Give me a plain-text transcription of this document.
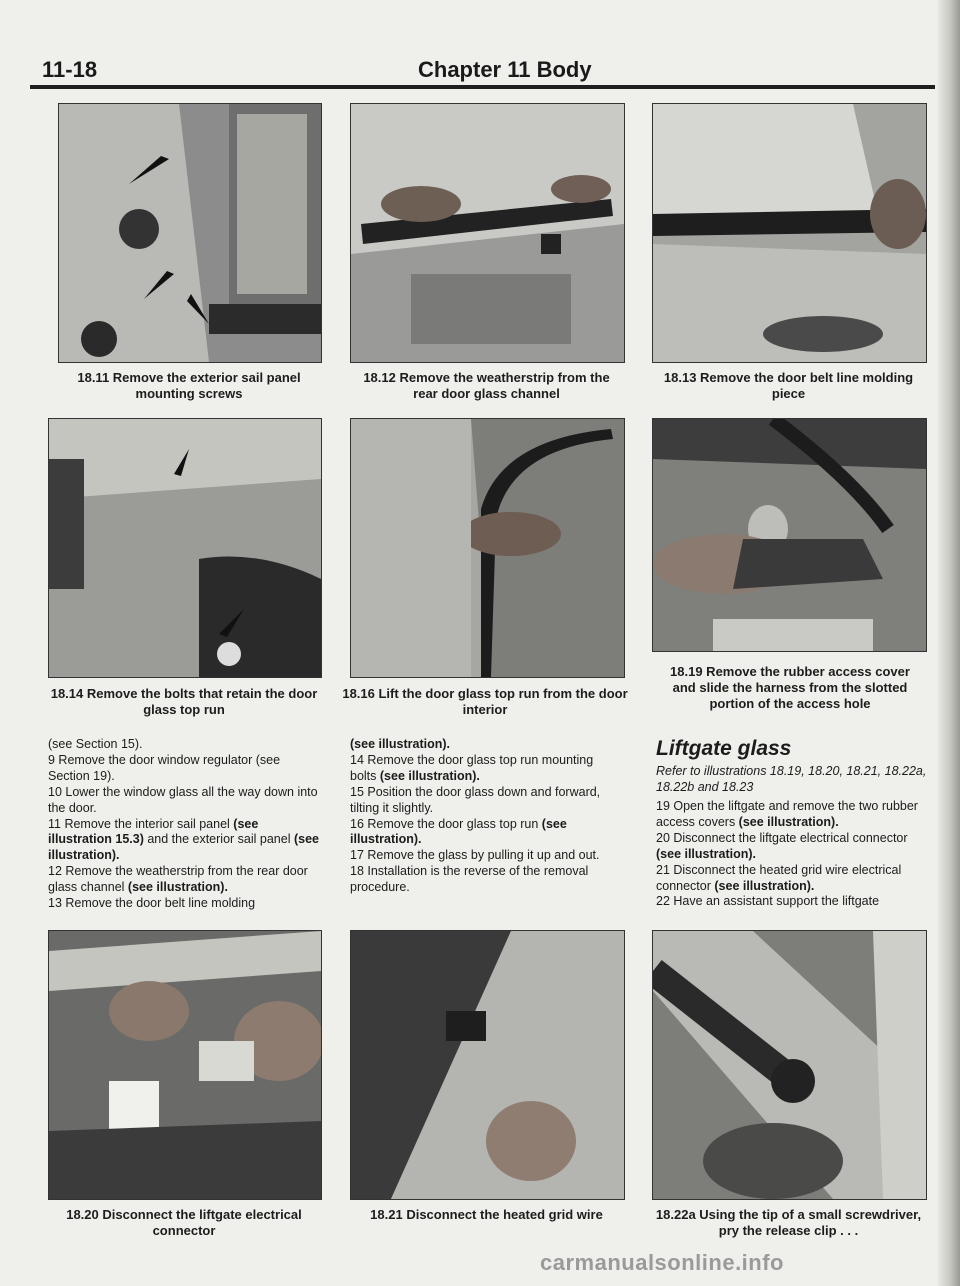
11-18	Chapter 11 Body
18.11 Remove the exterior sail panel mounting screws
18.12 Remove the weatherstrip from the rear door glass channel
18.13 Remove the door belt line molding piece
18.14 Remove the bolts that retain the door glass top run
18.16 Lift the door glass top run from the door interior
18.19 Remove the rubber access cover and slide the harness from the slotted portion of the access hole

(see Section 15).

9 Remove the door window regulator (see Section 19).

10 Lower the window glass all the way down into the door.

11 Remove the interior sail panel (see illustration 15.3) and the exterior sail panel (see illustration).

12 Remove the weatherstrip from the rear door glass channel (see illustration).

13 Remove the door belt line molding

(see illustration).

14 Remove the door glass top run mounting bolts (see illustration).

15 Position the door glass down and forward, tilting it slightly.

16 Remove the door glass top run (see illustration).

17 Remove the glass by pulling it up and out.

18 Installation is the reverse of the removal procedure.

Liftgate glass
Refer to illustrations 18.19, 18.20, 18.21, 18.22a, 18.22b and 18.23

19 Open the liftgate and remove the two rubber access covers (see illustration).

20 Disconnect the liftgate electrical connector (see illustration).

21 Disconnect the heated grid wire electrical connector (see illustration).

22 Have an assistant support the liftgate

18.20 Disconnect the liftgate electrical connector
18.21 Disconnect the heated grid wire	18.22a Using the tip of a small screwdriver, pry the release clip . . .
carmanualsonline.info
